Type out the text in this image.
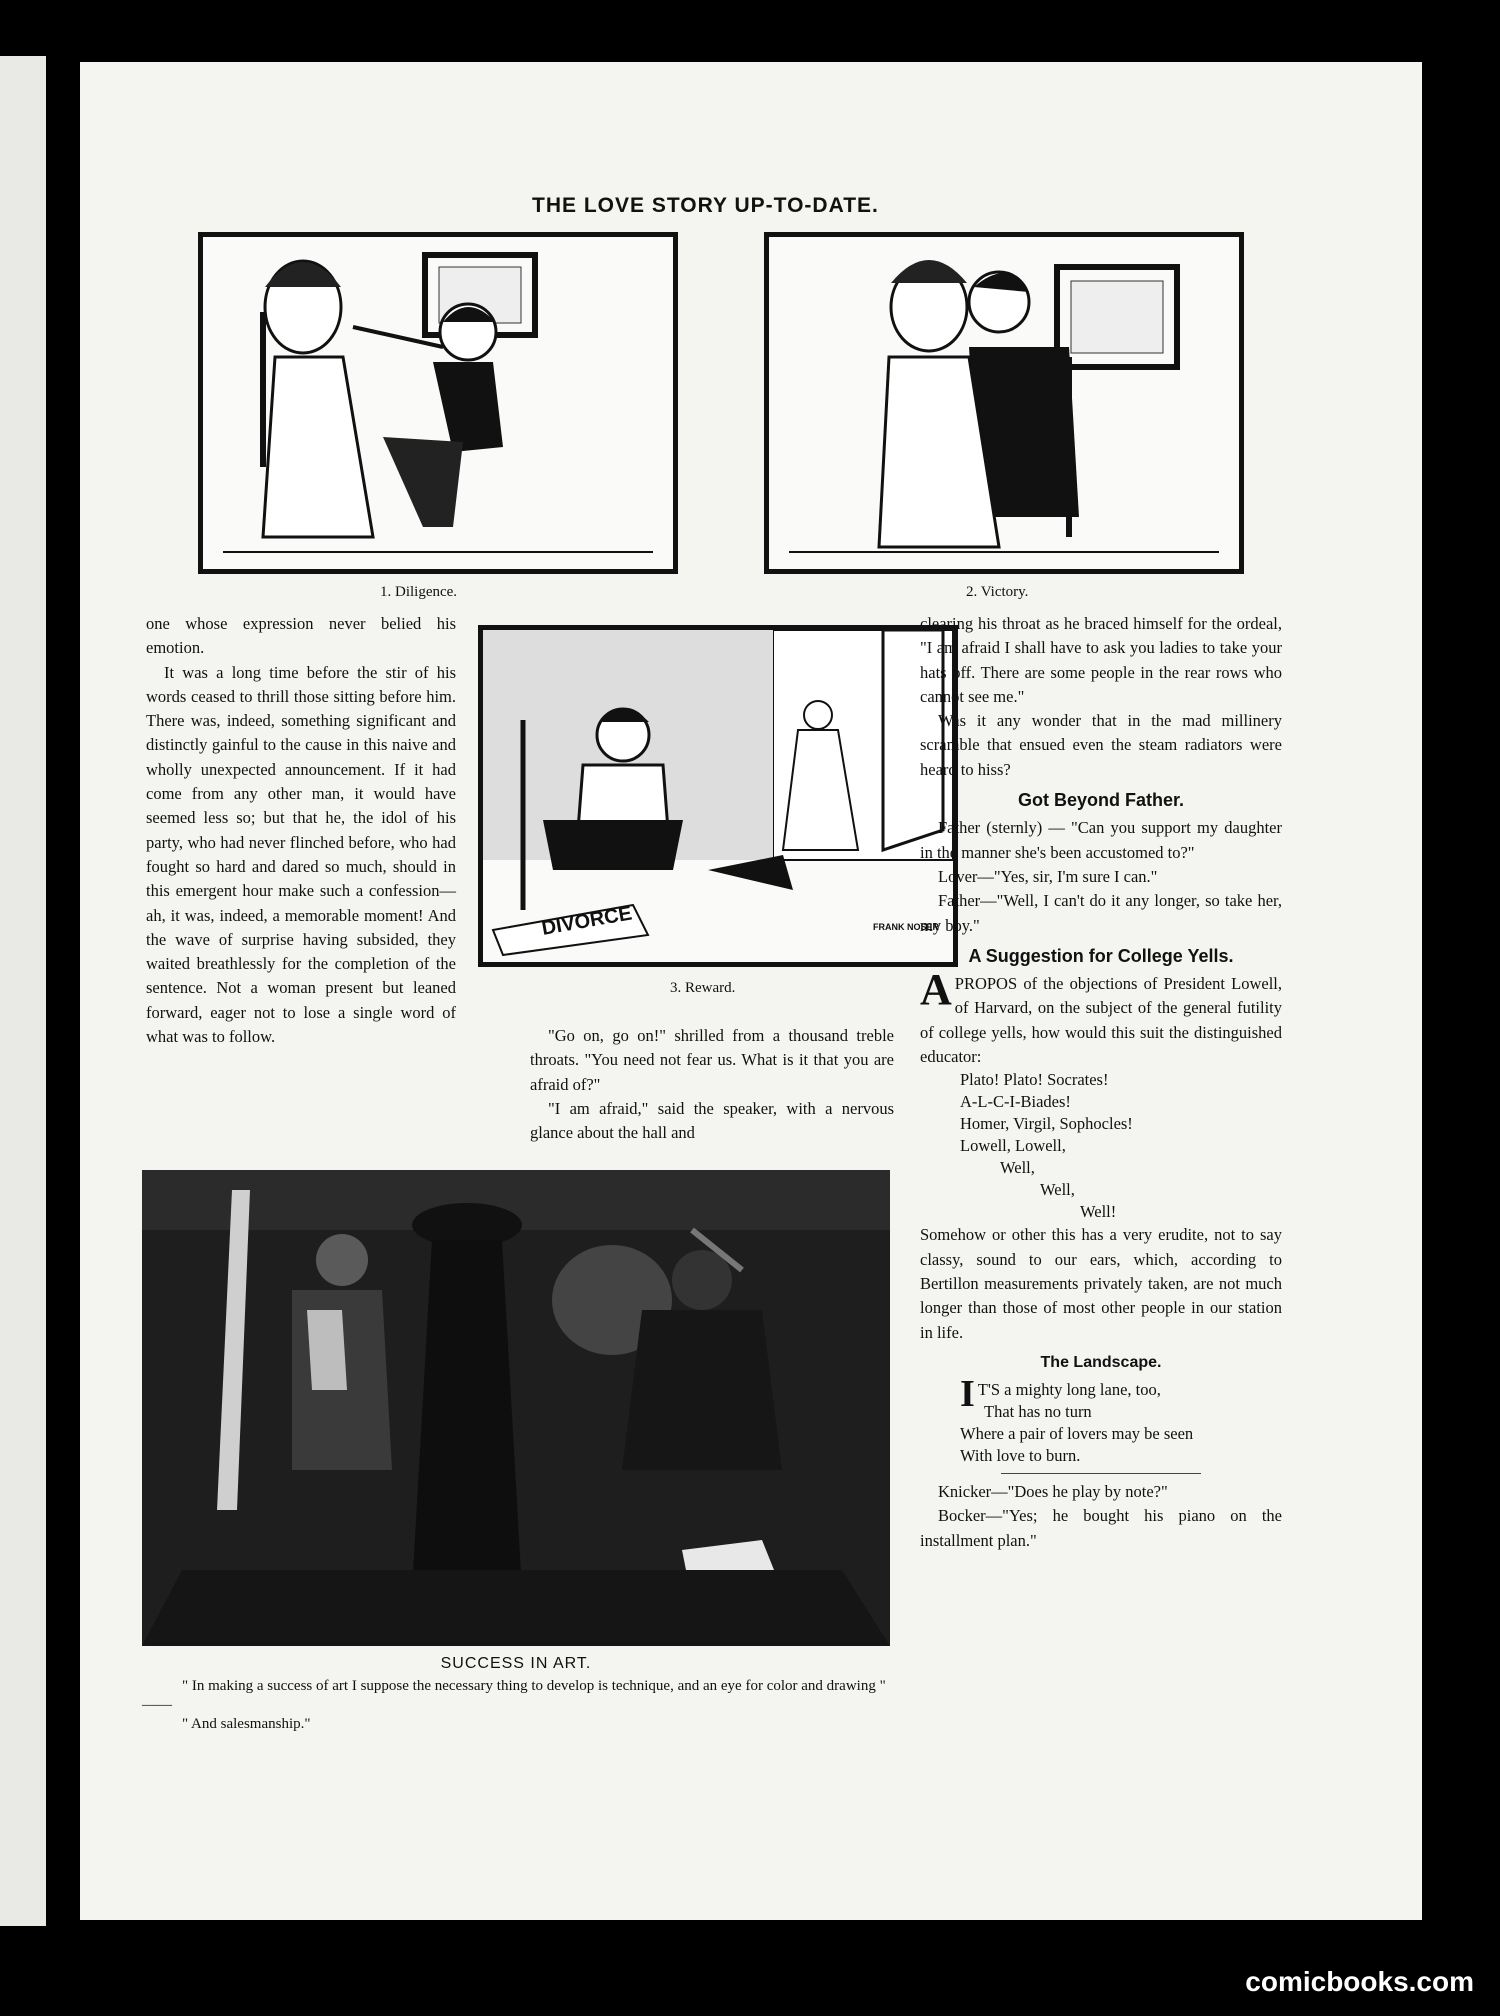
THE LOVE STORY UP-TO-DATE.
1. Diligence.	2. Victory.
DIVORCE	FRANK NOSER
3. Reward.

one whose expression never belied his emotion.

It was a long time before the stir of his words ceased to thrill those sitting before him. There was, indeed, something significant and distinctly gainful to the cause in this naive and wholly unexpected announcement. If it had come from any other man, it would have seemed less so; but that he, the idol of his party, who had never flinched before, who had fought so hard and dared so much, should in this emergent hour make such a confession—ah, it was, indeed, a memorable moment! And the wave of surprise having subsided, they waited breathlessly for the completion of the sentence. Not a woman present but leaned forward, eager not to lose a single word of what was to follow.	"Go on, go on!" shrilled from a thousand treble throats. "You need not fear us. What is it that you are afraid of?"

"I am afraid," said the speaker, with a nervous glance about the hall and

clearing his throat as he braced himself for the ordeal, "I am afraid I shall have to ask you ladies to take your hats off. There are some people in the rear rows who cannot see me."

Was it any wonder that in the mad millinery scramble that ensued even the steam radiators were heard to hiss?

Got Beyond Father.

Father (sternly) — "Can you support my daughter in the manner she's been accustomed to?"

Lover—"Yes, sir, I'm sure I can."

Father—"Well, I can't do it any longer, so take her, my boy."

A Suggestion for College Yells.

APROPOS of the objections of President Lowell, of Harvard, on the subject of the general futility of college yells, how would this suit the distinguished educator:

Plato! Plato! Socrates!
A-L-C-I-Biades!
Homer, Virgil, Sophocles!
Lowell, Lowell,
Well,
Well,
Well!

Somehow or other this has a very erudite, not to say classy, sound to our ears, which, according to Bertillon measurements privately taken, are not much longer than those of most other people in our station in life.

The Landscape.
I T'S a mighty long lane, too,
That has no turn
Where a pair of lovers may be seen
With love to burn.

Knicker—"Does he play by note?"

Bocker—"Yes; he bought his piano on the installment plan."

SUCCESS IN ART.
" In making a success of art I suppose the necessary thing to develop is technique, and an eye for color and drawing " ——
" And salesmanship."
comicbooks.com
